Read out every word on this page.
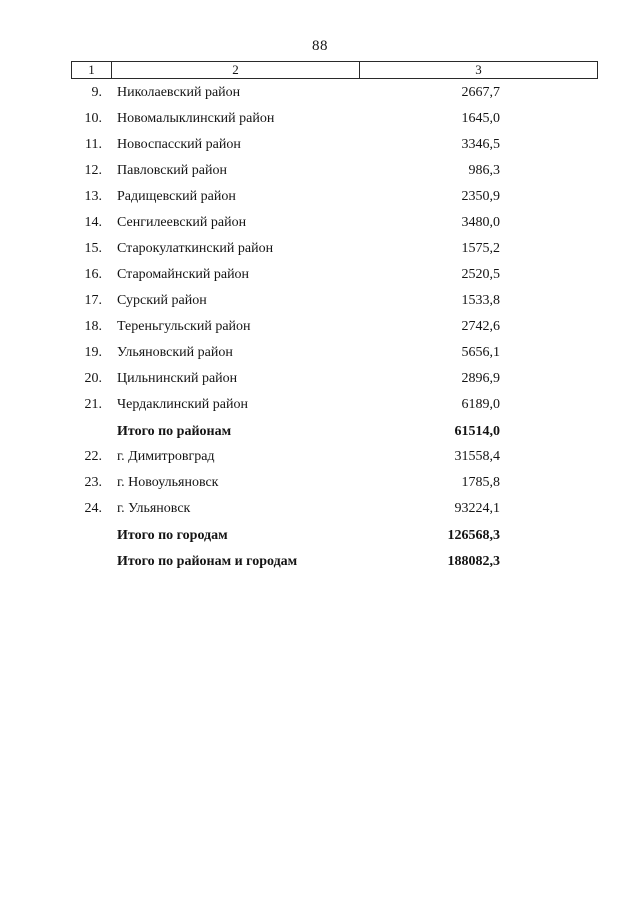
88
1	2	3
9. Николаевский район	2667,7
10. Новомалыклинский район	1645,0
11. Новоспасский район	3346,5
12. Павловский район	986,3
13. Радищевский район	2350,9
14. Сенгилеевский район	3480,0
15. Старокулаткинский район	1575,2
16. Старомайнский район	2520,5
17. Сурский район	1533,8
18. Тереньгульский район	2742,6
19. Ульяновский район	5656,1
20. Цильнинский район	2896,9
21. Чердаклинский район	6189,0
Итого по районам	61514,0
22. г. Димитровград	31558,4
23. г. Новоульяновск	1785,8
24. г. Ульяновск	93224,1
Итого по городам	126568,3
Итого по районам и городам	188082,3
